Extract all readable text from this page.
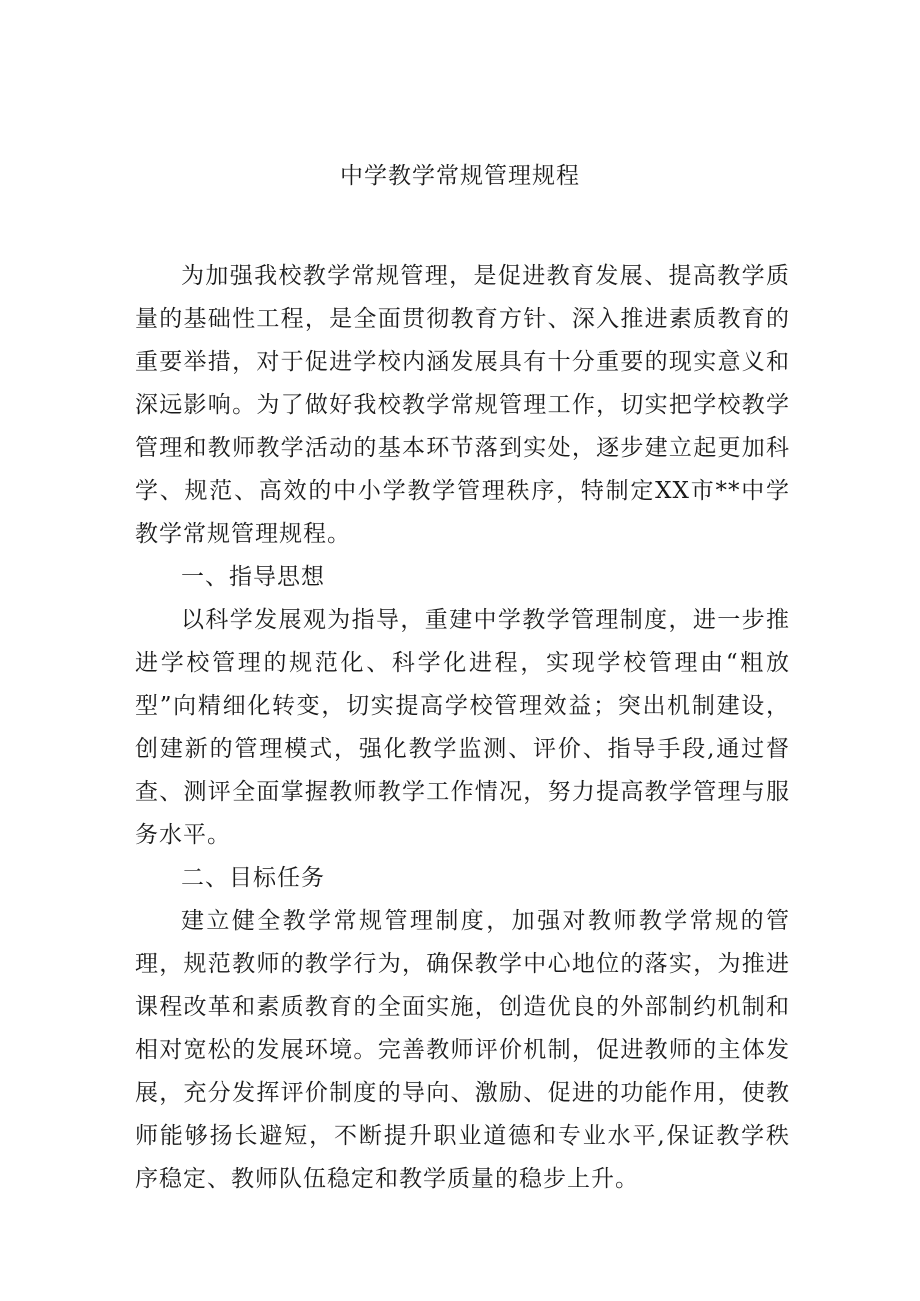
中学教学常规管理规程

为加强我校教学常规管理，是促进教育发展、提高教学质量的基础性工程，是全面贯彻教育方针、深入推进素质教育的重要举措，对于促进学校内涵发展具有十分重要的现实意义和深远影响。为了做好我校教学常规管理工作，切实把学校教学管理和教师教学活动的基本环节落到实处，逐步建立起更加科学、规范、高效的中小学教学管理秩序，特制定XX市**中学教学常规管理规程。

一、指导思想

以科学发展观为指导，重建中学教学管理制度，进一步推进学校管理的规范化、科学化进程，实现学校管理由“粗放型”向精细化转变，切实提高学校管理效益；突出机制建设，创建新的管理模式，强化教学监测、评价、指导手段,通过督查、测评全面掌握教师教学工作情况，努力提高教学管理与服务水平。

二、目标任务

建立健全教学常规管理制度，加强对教师教学常规的管理，规范教师的教学行为，确保教学中心地位的落实，为推进课程改革和素质教育的全面实施，创造优良的外部制约机制和相对宽松的发展环境。完善教师评价机制，促进教师的主体发展，充分发挥评价制度的导向、激励、促进的功能作用，使教师能够扬长避短，不断提升职业道德和专业水平,保证教学秩序稳定、教师队伍稳定和教学质量的稳步上升。
